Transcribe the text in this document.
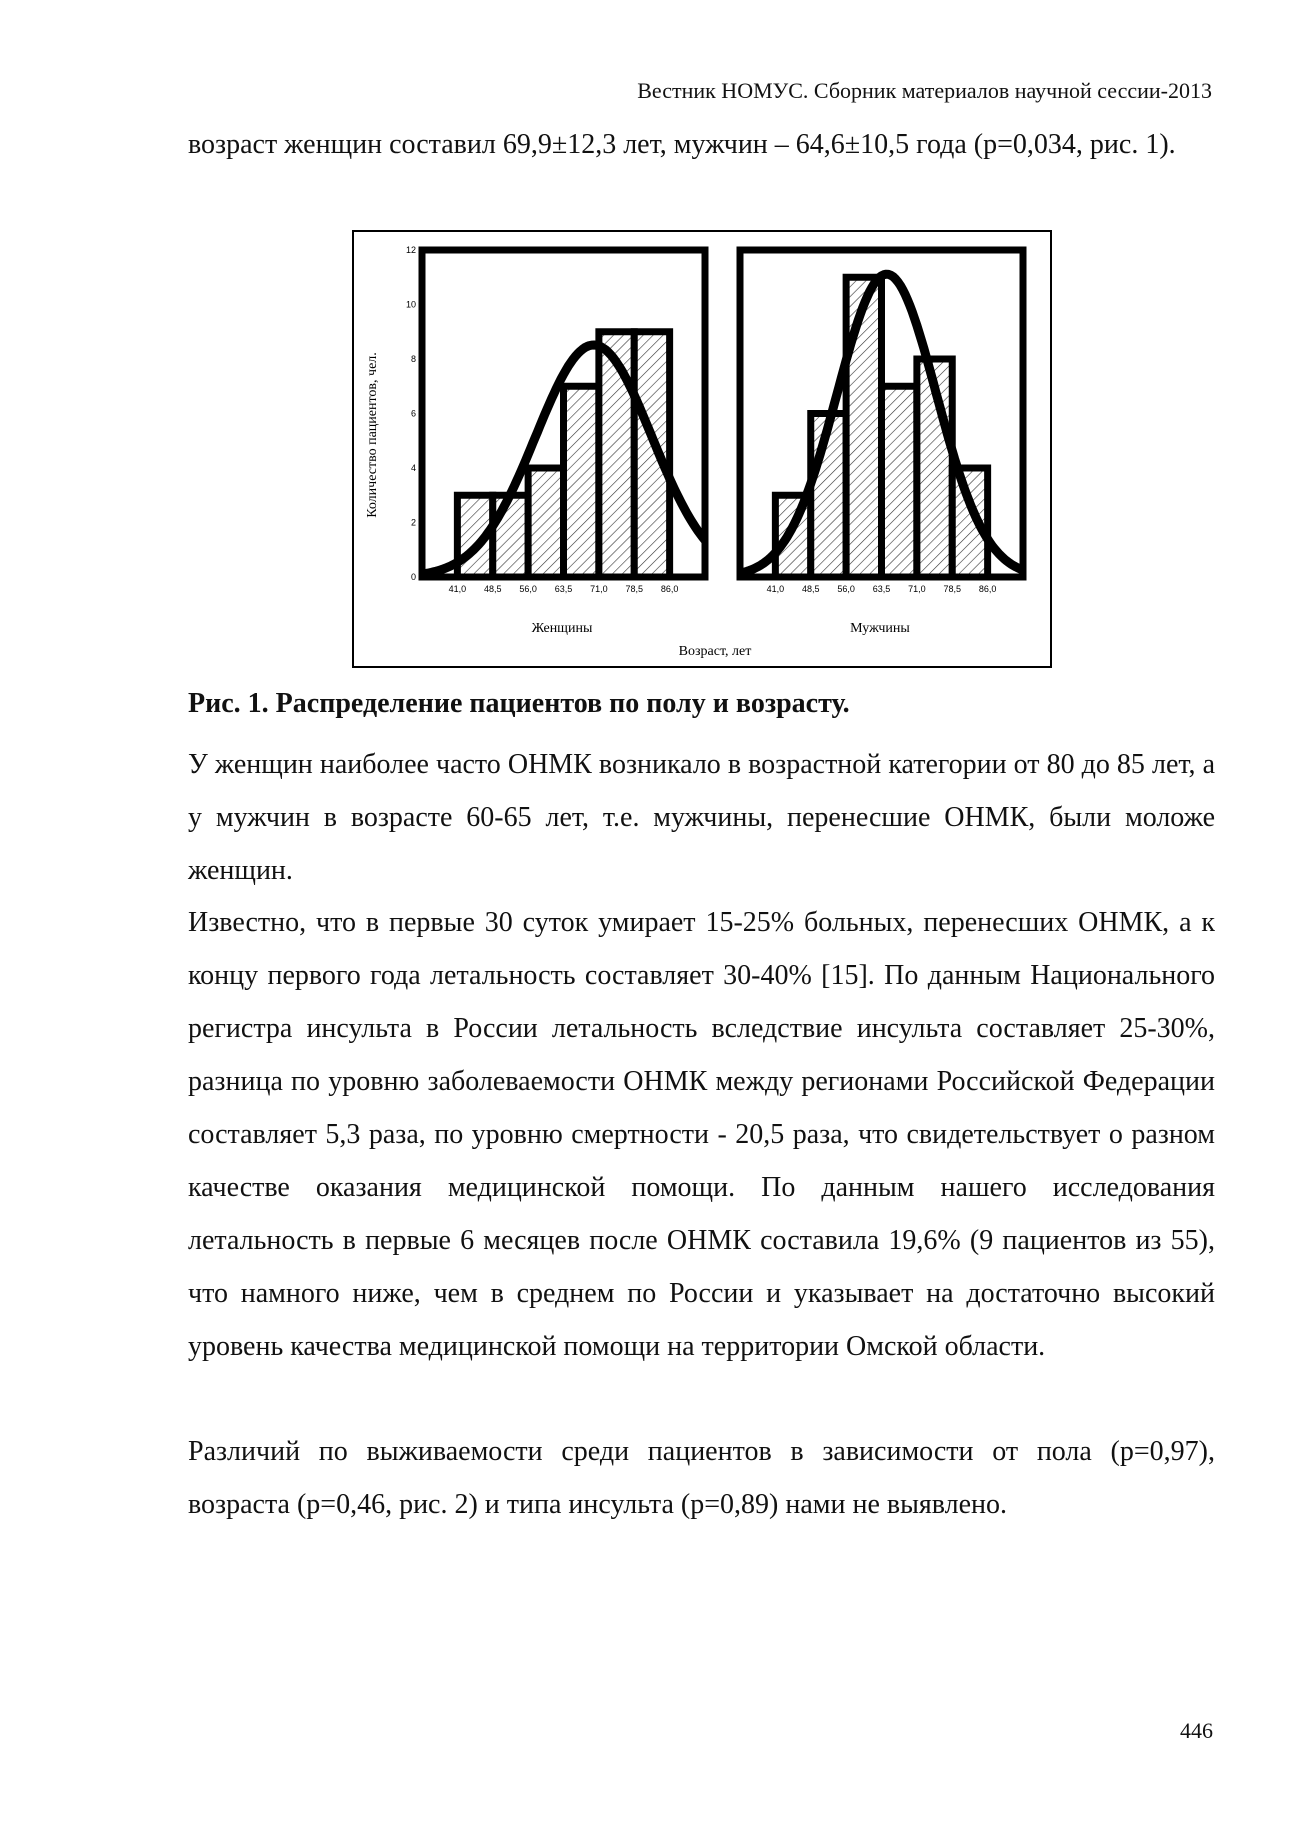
Вестник НОМУС. Сборник материалов научной сессии-2013

возраст женщин составил 69,9±12,3 лет, мужчин – 64,6±10,5 года (p=0,034, рис. 1).

Количество пациентов, чел.
0
2
4
6
8
10
12
41,0 48,5 56,0 63,5 71,0 78,5 86,0	41,0 48,5 56,0 63,5 71,0 78,5 86,0
Женщины	Мужчины
Возраст, лет
Рис. 1. Распределение пациентов по полу и возрасту.

У женщин наиболее часто ОНМК возникало в возрастной категории от 80 до 85 лет, а у мужчин в возрасте 60-65 лет, т.е. мужчины, перенесшие ОНМК, были моложе женщин.

Известно, что в первые 30 суток умирает 15-25% больных, перенесших ОНМК, а к концу первого года летальность составляет 30-40% [15]. По данным Национального регистра инсульта в России летальность вследствие инсульта составляет 25-30%, разница по уровню заболеваемости ОНМК между регионами Российской Федерации составляет 5,3 раза, по уровню смертности - 20,5 раза, что свидетельствует о разном качестве оказания медицинской помощи. По данным нашего исследования летальность в первые 6 месяцев после ОНМК составила 19,6% (9 пациентов из 55), что намного ниже, чем в среднем по России и указывает на достаточно высокий уровень качества медицинской помощи на территории Омской области.

Различий по выживаемости среди пациентов в зависимости от пола (p=0,97), возраста (p=0,46, рис. 2) и типа инсульта (p=0,89) нами не выявлено.

446
